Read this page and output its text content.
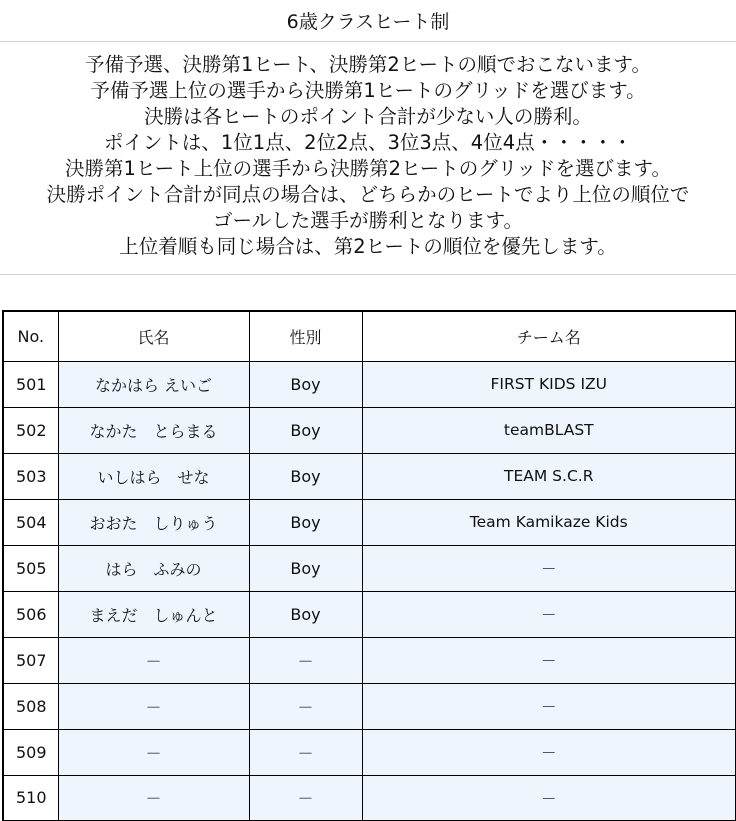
6歳クラスヒート制
予備予選、決勝第1ヒート、決勝第2ヒートの順でおこないます。
予備予選上位の選手から決勝第1ヒートのグリッドを選びます。
決勝は各ヒートのポイント合計が少ない人の勝利。
ポイントは、1位1点、2位2点、3位3点、4位4点・・・・・
決勝第1ヒート上位の選手から決勝第2ヒートのグリッドを選びます。
決勝ポイント合計が同点の場合は、どちらかのヒートでより上位の順位で
ゴールした選手が勝利となります。
上位着順も同じ場合は、第2ヒートの順位を優先します。
No.	氏名	性別	チーム名
501	なかはら えいご	Boy	FIRST KIDS IZU
502	なかた　とらまる	Boy	teamBLAST
503	いしはら　せな	Boy	TEAM S.C.R
504	おおた　しりゅう	Boy	Team Kamikaze Kids
505	はら　ふみの	Boy	－
506	まえだ　しゅんと	Boy	－
507	－	－	－
508	－	－	－
509	－	－	－
510	－	－	－
